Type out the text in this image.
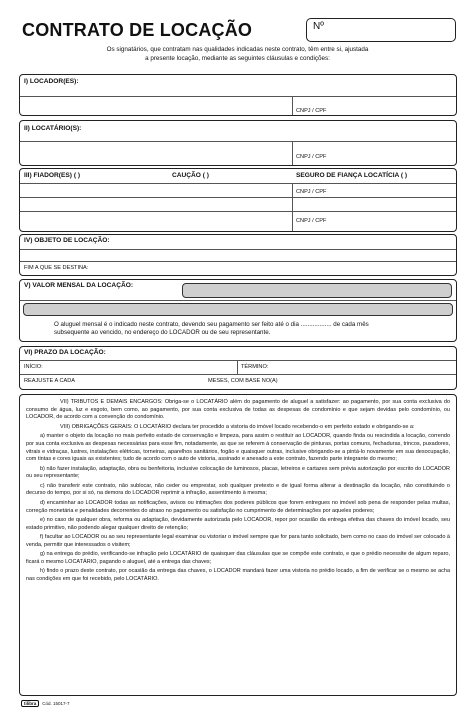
CONTRATO DE LOCAÇÃO	Nº
Os signatários, que contratam nas qualidades indicadas neste contrato, têm entre si, ajustada
a presente locação, mediante as seguintes cláusulas e condições:
I) LOCADOR(ES):
CNPJ / CPF
II) LOCATÁRIO(S):
CNPJ / CPF
III) FIADOR(ES) ( )	CAUÇÃO ( )	SEGURO DE FIANÇA LOCATÍCIA ( )
CNPJ / CPF
CNPJ / CPF
IV) OBJETO DE LOCAÇÃO:
FIM A QUE SE DESTINA:
V) VALOR MENSAL DA LOCAÇÃO:
O aluguel mensal é o indicado neste contrato, devendo seu pagamento ser feito até o dia .................. de cada mês
subsequente ao vencido, no endereço do LOCADOR ou de seu representante.
VI) PRAZO DA LOCAÇÃO:
INÍCIO:	TÉRMINO:
REAJUSTE A CADA	MESES, COM BASE NO(A)

VII) TRIBUTOS E DEMAIS ENCARGOS: Obriga-se o LOCATÁRIO além do pagamento de aluguel a satisfazer: ao pagamento, por sua conta exclusiva do consumo de água, luz e esgoto, bem como, ao pagamento, por sua conta exclusiva de todas as despesas de condomínio e que sejam devidas pelo condomínio, ou LOCADOR, de acordo com a convenção do condomínio.

VIII) OBRIGAÇÕES GERAIS: O LOCATÁRIO declara ter procedido a vistoria do imóvel locado recebendo-o em perfeito estado e obrigando-se a:

a) manter o objeto da locação no mais perfeito estado de conservação e limpeza, para assim o restituir ao LOCADOR, quando finda ou rescindida a locação, correndo por sua conta exclusiva as despesas necessárias para esse fim, notadamente, as que se referem à conservação de pinturas, portas comuns, fechaduras, trincos, puxadores, vitrais e vidraças, lustres, instalações elétricas, torneiras, aparelhos sanitários, fogão e quaisquer outras, inclusive obrigando-se a pintá-lo novamente em sua desocupação, com tintas e cores iguais as existentes; tudo de acordo com o auto de vistoria, assinado e anexado a este contrato, fazendo parte integrante do mesmo;

b) não fazer instalação, adaptação, obra ou benfeitoria, inclusive colocação de luminosos, placas, letreiros e cartazes sem prévia autorização por escrito do LOCADOR ou seu representante;

c) não transferir este contrato, não sublocar, não ceder ou emprestar, sob qualquer pretexto e de igual forma alterar a destinação da locação, não constituindo o decurso do tempo, por si só, na demora do LOCADOR reprimir a infração, assentimento à mesma;

d) encaminhar ao LOCADOR todas as notificações, avisos ou intimações dos poderes públicos que forem entregues no imóvel sob pena de responder pelas multas, correção monetária e penalidades decorrentes do atraso no pagamento ou satisfação no cumprimento de determinações por aqueles poderes;

e) no caso de qualquer obra, reforma ou adaptação, devidamente autorizada pelo LOCADOR, repor por ocasião da entrega efetiva das chaves do imóvel locado, seu estado primitivo, não podendo alegar qualquer direito de retenção;

f) facultar ao LOCADOR ou ao seu representante legal examinar ou vistoriar o imóvel sempre que for para tanto solicitado, bem como no caso do imóvel ser colocado à venda, permitir que interessados o visitem;

g) na entrega do prédio, verificando-se infração pelo LOCATÁRIO de quaisquer das cláusulas que se compõe este contrato, e que o prédio necessite de algum reparo, ficará o mesmo LOCATÁRIO, pagando o aluguel, até a entrega das chaves;

h) findo o prazo deste contrato, por ocasião da entrega das chaves, o LOCADOR mandará fazer uma vistoria no prédio locado, a fim de verificar se o mesmo se acha nas condições em que foi recebido, pelo LOCATÁRIO.

tilibra Cód. 15017-7
